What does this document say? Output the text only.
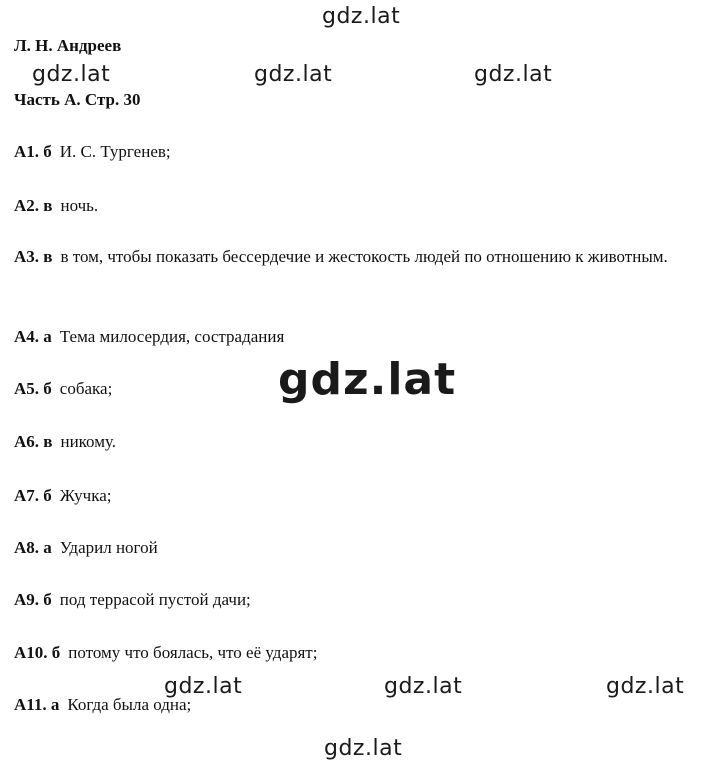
gdz.lat
gdz.lat	gdz.lat	gdz.lat
gdz.lat
gdz.lat	gdz.lat	gdz.lat
gdz.lat
Л. Н. Андреев
Часть А. Стр. 30
А1. б И. С. Тургенев;
А2. в ночь.
А3. в в том, чтобы показать бессердечие и жестокость людей по отношению к животным.
А4. а Тема милосердия, сострадания
А5. б собака;
А6. в никому.
А7. б Жучка;
А8. а Ударил ногой
А9. б под террасой пустой дачи;
А10. б потому что боялась, что её ударят;
А11. а Когда была одна;
